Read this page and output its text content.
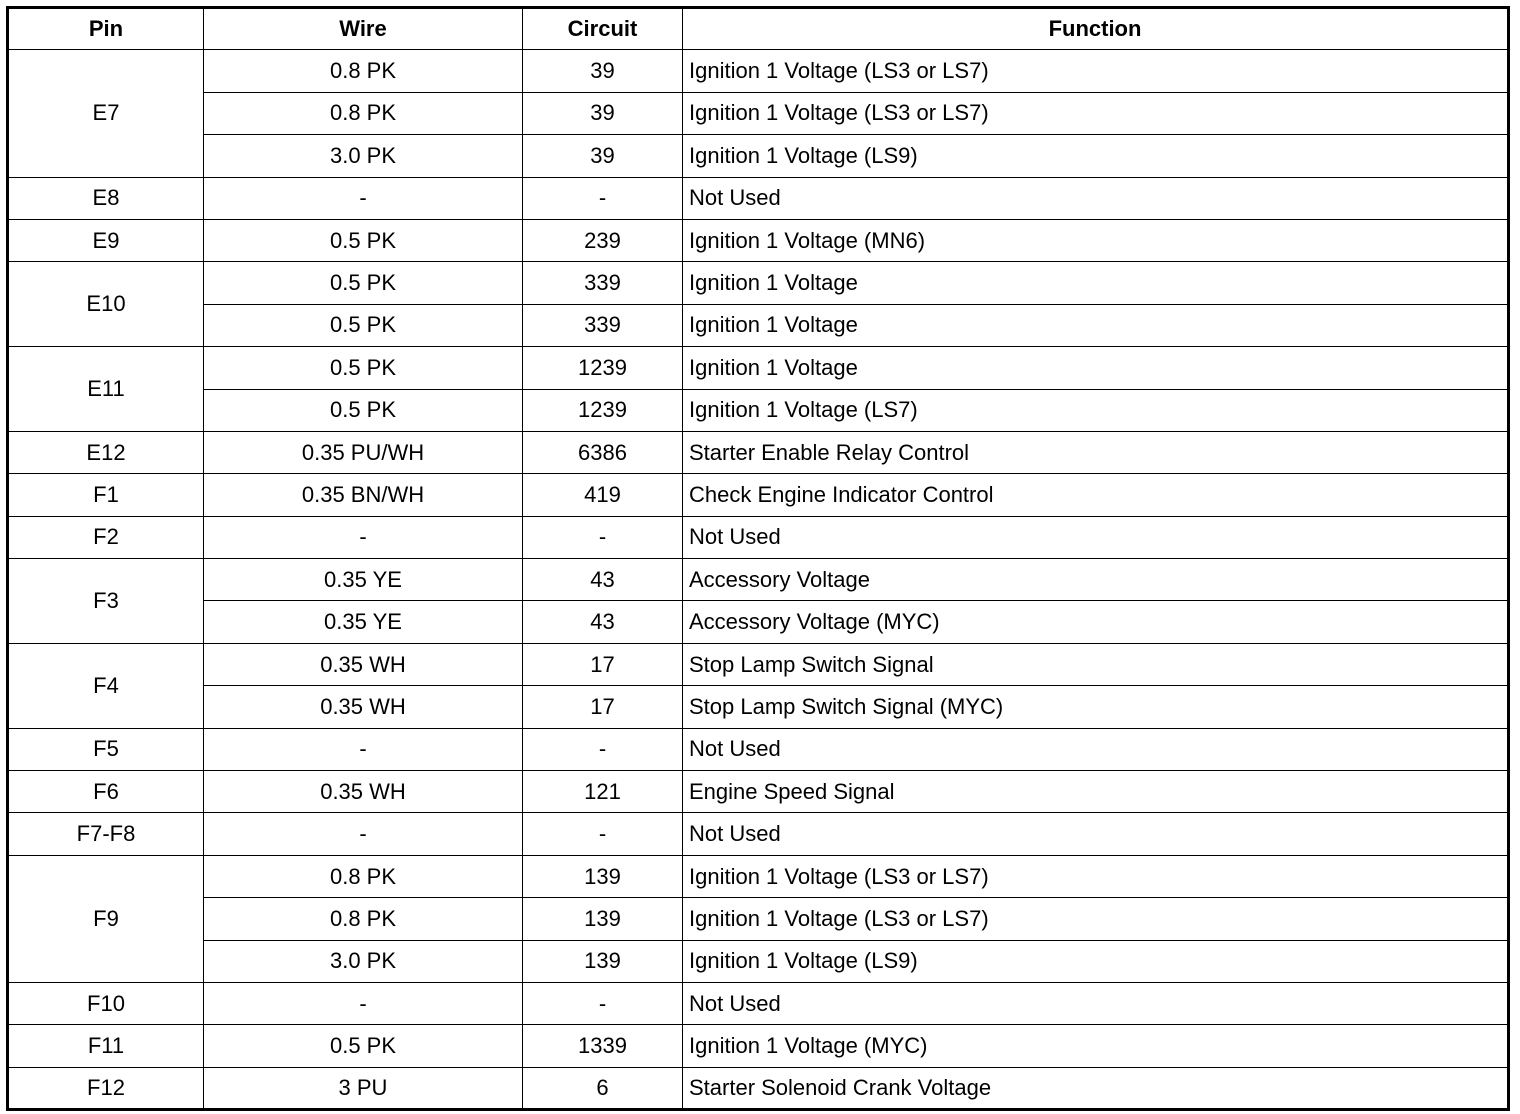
Pin	Wire	Circuit	Function
E7	0.8 PK	39	Ignition 1 Voltage (LS3 or LS7)
	0.8 PK	39	Ignition 1 Voltage (LS3 or LS7)
	3.0 PK	39	Ignition 1 Voltage (LS9)
E8	-	-	Not Used
E9	0.5 PK	239	Ignition 1 Voltage (MN6)
E10	0.5 PK	339	Ignition 1 Voltage
	0.5 PK	339	Ignition 1 Voltage
E11	0.5 PK	1239	Ignition 1 Voltage
	0.5 PK	1239	Ignition 1 Voltage (LS7)
E12	0.35 PU/WH	6386	Starter Enable Relay Control
F1	0.35 BN/WH	419	Check Engine Indicator Control
F2	-	-	Not Used
F3	0.35 YE	43	Accessory Voltage
	0.35 YE	43	Accessory Voltage (MYC)
F4	0.35 WH	17	Stop Lamp Switch Signal
	0.35 WH	17	Stop Lamp Switch Signal (MYC)
F5	-	-	Not Used
F6	0.35 WH	121	Engine Speed Signal
F7-F8	-	-	Not Used
F9	0.8 PK	139	Ignition 1 Voltage (LS3 or LS7)
	0.8 PK	139	Ignition 1 Voltage (LS3 or LS7)
	3.0 PK	139	Ignition 1 Voltage (LS9)
F10	-	-	Not Used
F11	0.5 PK	1339	Ignition 1 Voltage (MYC)
F12	3 PU	6	Starter Solenoid Crank Voltage
